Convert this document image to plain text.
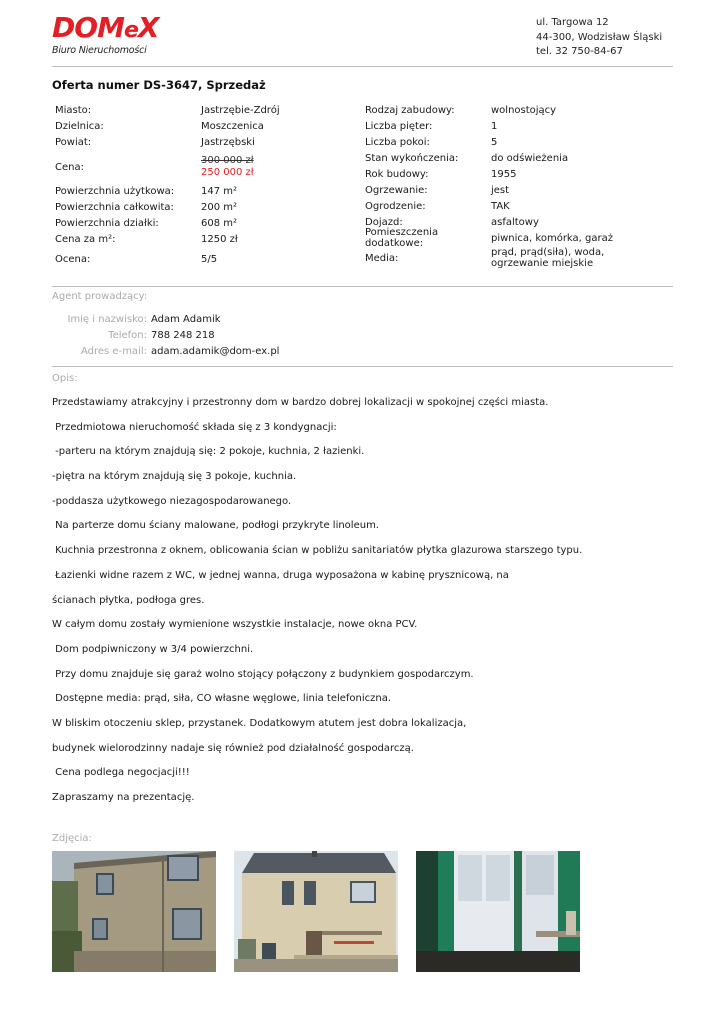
DOMeX
Biuro Nieruchomości
ul. Targowa 12
44-300, Wodzisław Śląski
tel. 32 750-84-67
Oferta numer DS-3647, Sprzedaż
Miasto:	Jastrzębie-Zdrój
Dzielnica:	Moszczenica
Powiat:	Jastrzębski
Cena:
300 000 zł
250 000 zł
Powierzchnia użytkowa:	147 m²
Powierzchnia całkowita:	200 m²
Powierzchnia działki:	608 m²
Cena za m²:	1250 zł
Ocena:	5/5
Rodzaj zabudowy:	wolnostojący
Liczba pięter:	1
Liczba pokoi:	5
Stan wykończenia:	do odświeżenia
Rok budowy:	1955
Ogrzewanie:	jest
Ogrodzenie:	TAK
Dojazd:	asfaltowy
Pomieszczenia dodatkowe:
piwnica, komórka, garaż
Media:
prąd, prąd(siła), woda, ogrzewanie miejskie
Agent prowadzący:
Imię i nazwisko: Adam Adamik
Telefon: 788 248 218
Adres e-mail: adam.adamik@dom-ex.pl
Opis:

Przedstawiamy atrakcyjny i przestronny dom w bardzo dobrej lokalizacji w spokojnej części miasta.

Przedmiotowa nieruchomość składa się z 3 kondygnacji:

-parteru na którym znajdują się: 2 pokoje, kuchnia, 2 łazienki.

-piętra na którym znajdują się 3 pokoje, kuchnia.

-poddasza użytkowego niezagospodarowanego.

Na parterze domu ściany malowane, podłogi przykryte linoleum.

Kuchnia przestronna z oknem, oblicowania ścian w pobliżu sanitariatów płytka glazurowa starszego typu.

Łazienki widne razem z WC, w jednej wanna, druga wyposażona w kabinę prysznicową, na

ścianach płytka, podłoga gres.

W całym domu zostały wymienione wszystkie instalacje, nowe okna PCV.

Dom podpiwniczony w 3/4 powierzchni.

Przy domu znajduje się garaż wolno stojący połączony z budynkiem gospodarczym.

Dostępne media: prąd, siła, CO własne węglowe, linia telefoniczna.

W bliskim otoczeniu sklep, przystanek. Dodatkowym atutem jest dobra lokalizacja,

budynek wielorodzinny nadaje się również pod działalność gospodarczą.

Cena podlega negocjacji!!!

Zapraszamy na prezentację.

Zdjęcia:
